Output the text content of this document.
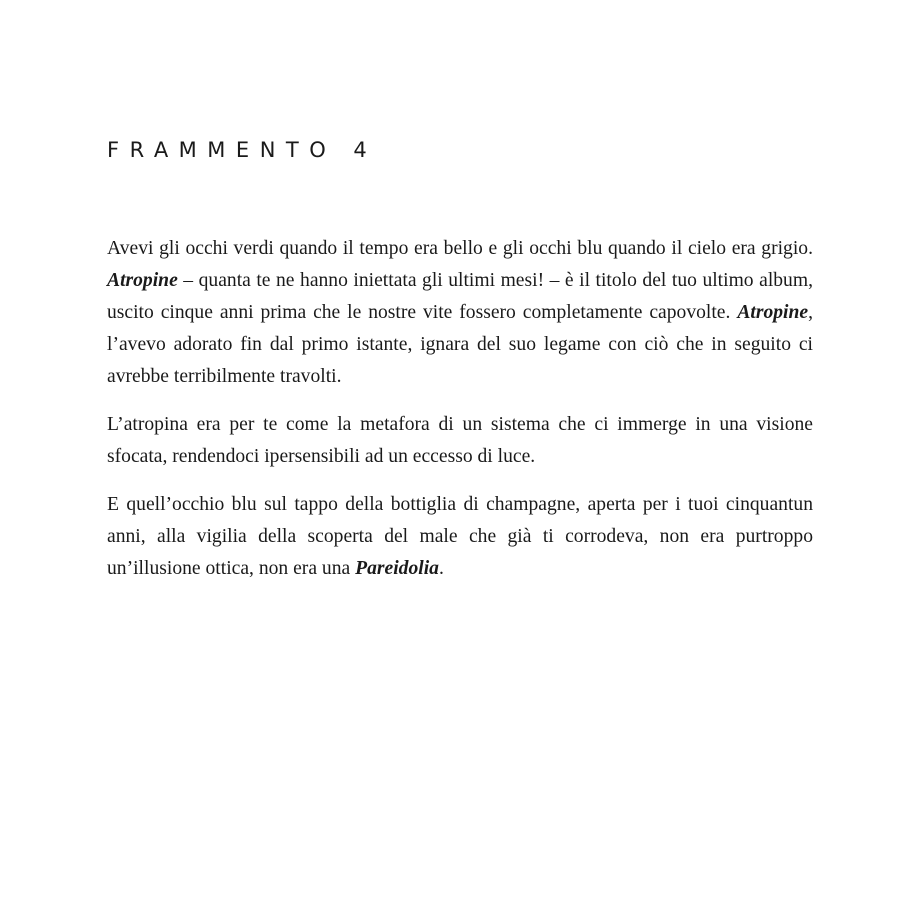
FRAMMENTO 4

Avevi gli occhi verdi quando il tempo era bello e gli occhi blu quando il cielo era grigio. Atropine – quanta te ne hanno iniettata gli ultimi mesi! – è il titolo del tuo ultimo album, uscito cinque anni prima che le nostre vite fossero completamente capovolte. Atropine, l’avevo adorato fin dal primo istante, ignara del suo legame con ciò che in seguito ci avrebbe terribilmente travolti.

L’atropina era per te come la metafora di un sistema che ci immerge in una visione sfocata, rendendoci ipersensibili ad un eccesso di luce.

E quell’occhio blu sul tappo della bottiglia di champagne, aperta per i tuoi cinquantun anni, alla vigilia della scoperta del male che già ti corrodeva, non era purtroppo un’illusione ottica, non era una Pareidolia.
